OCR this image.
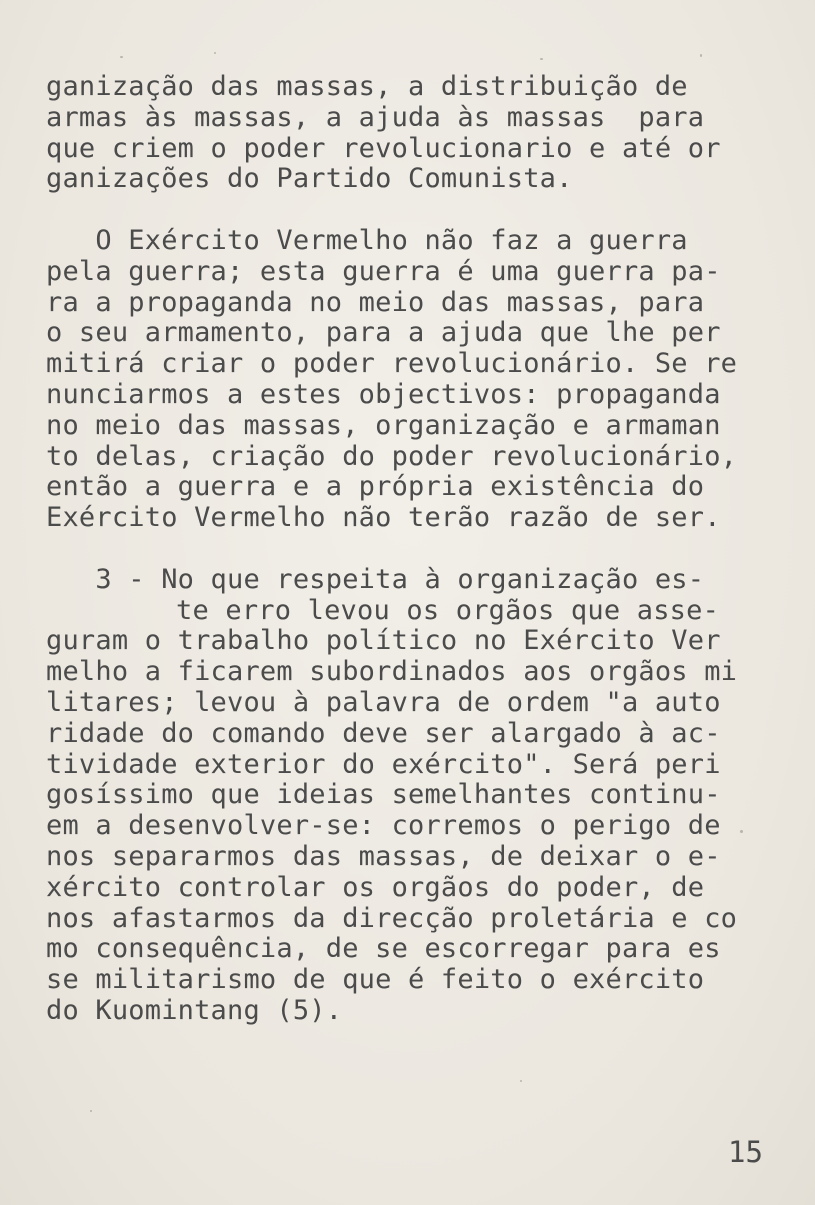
ganização das massas, a distribuição de
armas às massas, a ajuda às massas  para
que criem o poder revolucionario e até or
ganizações do Partido Comunista.
O Exército Vermelho não faz a guerra
pela guerra; esta guerra é uma guerra pa-
ra a propaganda no meio das massas, para
o seu armamento, para a ajuda que lhe per
mitirá criar o poder revolucionário. Se re
nunciarmos a estes objectivos: propaganda
no meio das massas, organização e armaman
to delas, criação do poder revolucionário,
então a guerra e a própria existência do
Exército Vermelho não terão razão de ser.
3 - No que respeita à organização es-
te erro levou os orgãos que asse-
guram o trabalho político no Exército Ver
melho a ficarem subordinados aos orgãos mi
litares; levou à palavra de ordem "a auto
ridade do comando deve ser alargado à ac-
tividade exterior do exército". Será peri
gosíssimo que ideias semelhantes continu-
em a desenvolver-se: corremos o perigo de
nos separarmos das massas, de deixar o e-
xército controlar os orgãos do poder, de
nos afastarmos da direcção proletária e co
mo consequência, de se escorregar para es
se militarismo de que é feito o exército
do Kuomintang (5).
15
